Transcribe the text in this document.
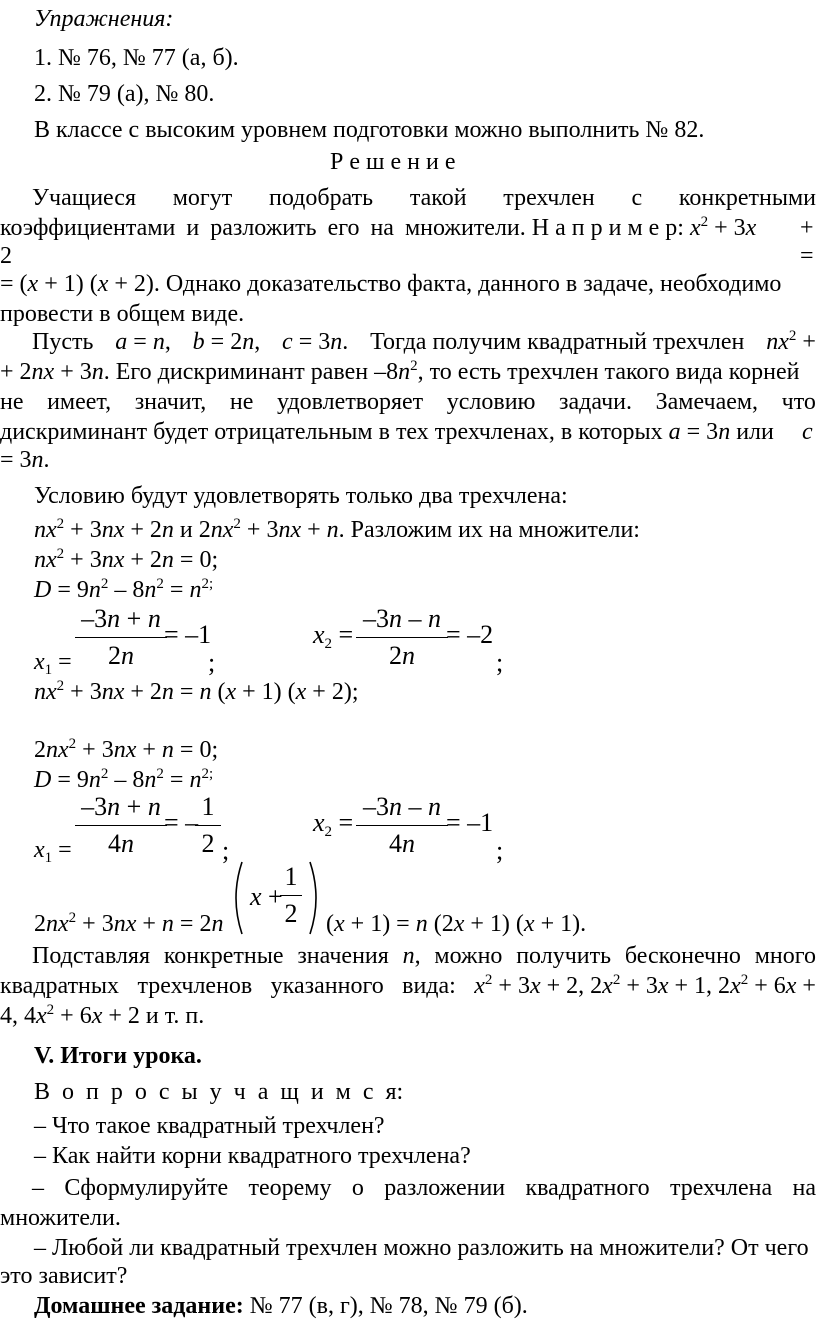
Упражнения:
1. № 76, № 77 (а, б).
2. № 79 (а), № 80.
В классе с высоким уровнем подготовки можно выполнить № 82.
Р е ш е н и е
Учащиеся могут подобрать такой трехчлен с конкретными
коэффициентами и разложить его на множители. Н а п р и м е р: $x^2 + 3x$ +
2	=
= (x + 1) (x + 2). Однако доказательство факта, данного в задаче, необходимо
провести в общем виде.
Пусть a = n, b = 2n, c = 3n. Тогда получим квадратный трехчлен $nx^2$ +
+ 2nx + 3n. Его дискриминант равен $-8n^2$, то есть трехчлен такого вида корней
не имеет, значит, не удовлетворяет условию задачи. Замечаем, что
дискриминант будет отрицательным в тех трехчленах, в которых a = 3n или c
= 3n.
Условию будут удовлетворять только два трехчлена:
$nx^2 + 3nx + 2n$ и $2nx^2 + 3nx + n$. Разложим их на множители:
$nx^2 + 3nx + 2n = 0$;
$D = 9n^2 - 8n^2 = n^{2;}$
$x_1$ =
–3n + n
2n
= –1
;
$x_2$ =
–3n – n
2n
= –2
;
$nx^2 + 3nx + 2n = n$ (x + 1) (x + 2);
$2nx^2 + 3nx + n = 0$;
$D = 9n^2 - 8n^2 = n^{2;}$
$x_1$ =
–3n + n
4n
= –
1
2 ;
$x_2$ =
–3n – n
4n
= –1
;
$2nx^2 + 3nx + n = 2n$
x +
1
2 (x + 1) = n (2x + 1) (x + 1).
Подставляя конкретные значения n, можно получить бесконечно много
квадратных трехчленов указанного вида: $x^2 + 3x + 2$, $2x^2 + 3x + 1$, $2x^2 + 6x$ +
4, $4x^2 + 6x + 2$ и т. п.
V. Итоги урока.
В о п р о с ы у ч а щ и м с я:
– Что такое квадратный трехчлен?
– Как найти корни квадратного трехчлена?
– Сформулируйте теорему о разложении квадратного трехчлена на
множители.
– Любой ли квадратный трехчлен можно разложить на множители? От чего
это зависит?
Домашнее задание: № 77 (в, г), № 78, № 79 (б).
